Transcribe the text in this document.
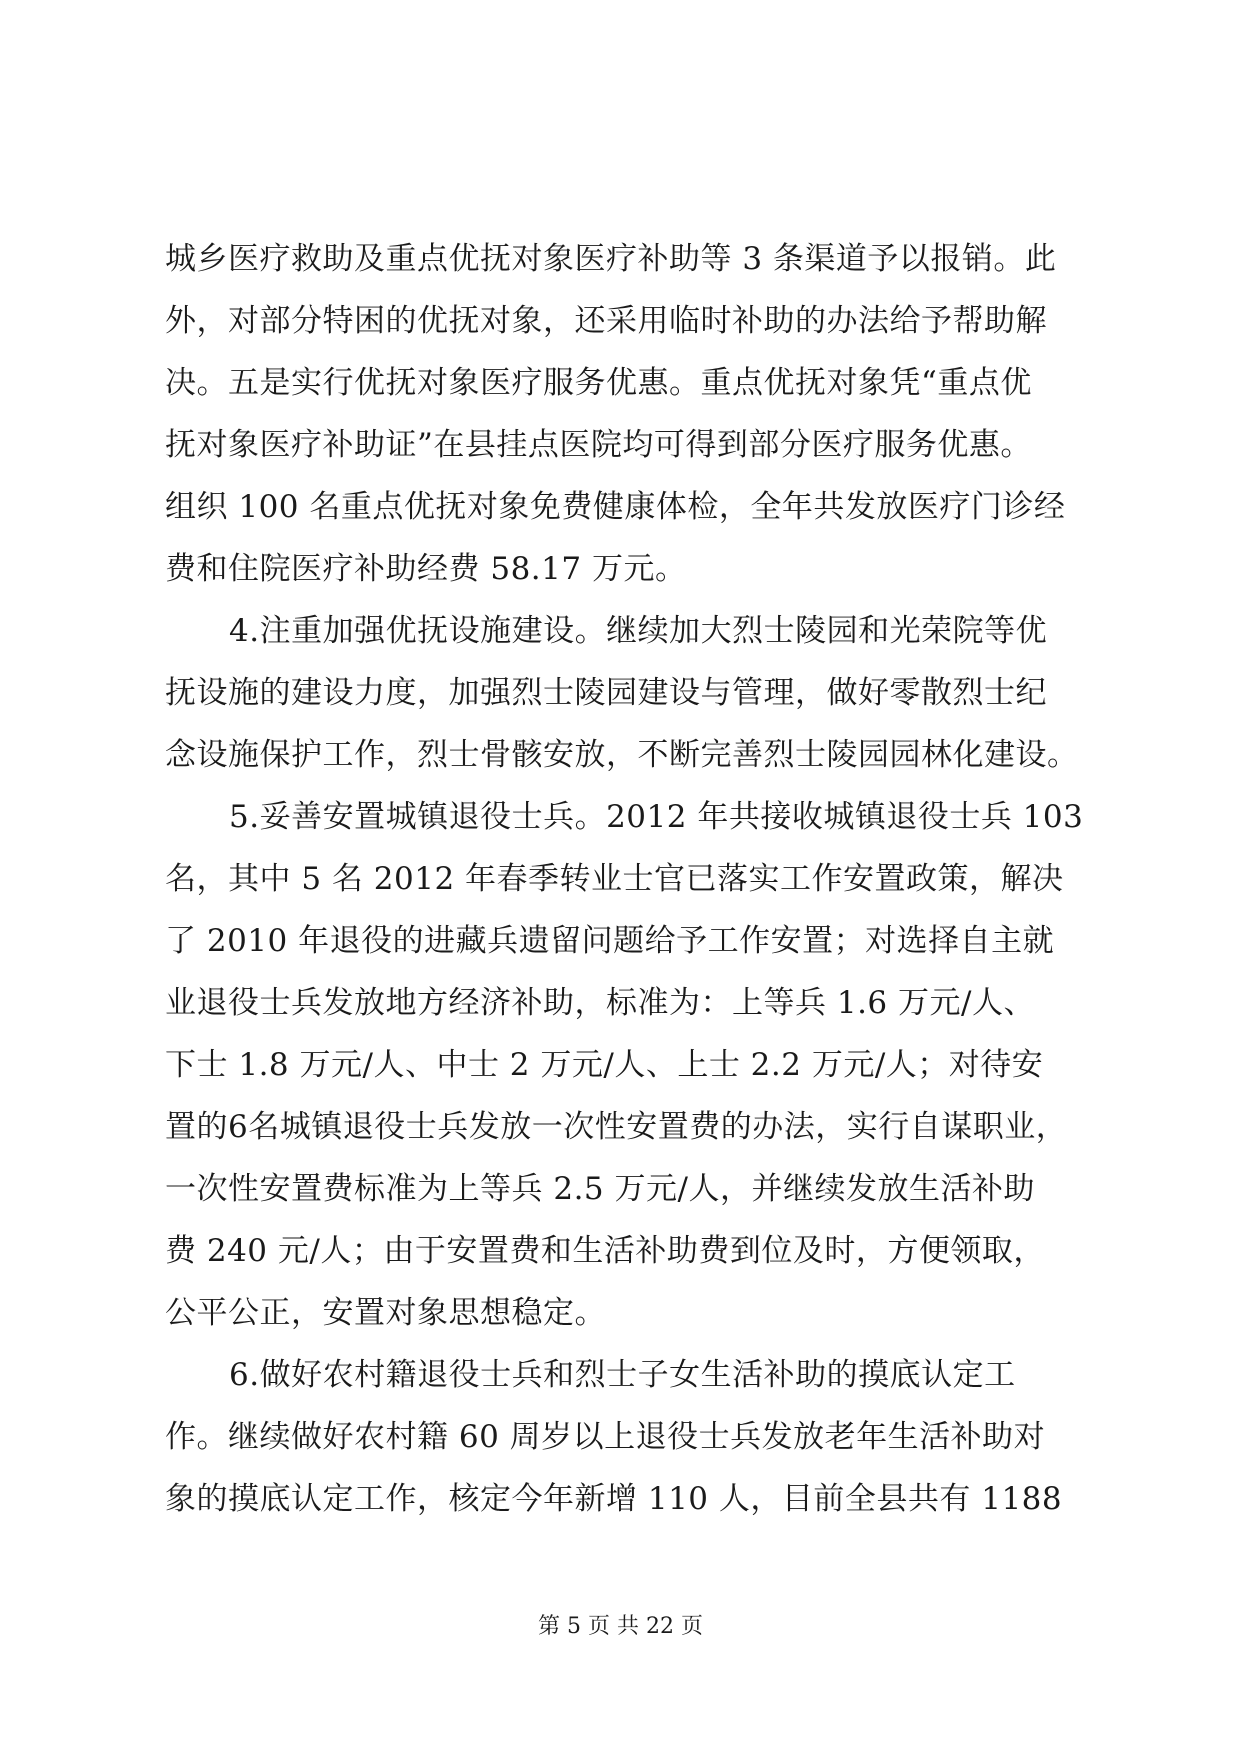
城乡医疗救助及重点优抚对象医疗补助等 3 条渠道予以报销。此
外，对部分特困的优抚对象，还采用临时补助的办法给予帮助解
决。五是实行优抚对象医疗服务优惠。重点优抚对象凭“重点优
抚对象医疗补助证”在县挂点医院均可得到部分医疗服务优惠。
组织 100 名重点优抚对象免费健康体检，全年共发放医疗门诊经
费和住院医疗补助经费 58.17 万元。
4.注重加强优抚设施建设。继续加大烈士陵园和光荣院等优
抚设施的建设力度，加强烈士陵园建设与管理，做好零散烈士纪
念设施保护工作，烈士骨骸安放，不断完善烈士陵园园林化建设。
5.妥善安置城镇退役士兵。2012 年共接收城镇退役士兵 103
名，其中 5 名 2012 年春季转业士官已落实工作安置政策，解决
了 2010 年退役的进藏兵遗留问题给予工作安置；对选择自主就
业退役士兵发放地方经济补助，标准为：上等兵 1.6 万元/人、
下士 1.8 万元/人、中士 2 万元/人、上士 2.2 万元/人；对待安
置的6名城镇退役士兵发放一次性安置费的办法，实行自谋职业，
一次性安置费标准为上等兵 2.5 万元/人，并继续发放生活补助
费 240 元/人；由于安置费和生活补助费到位及时，方便领取，
公平公正，安置对象思想稳定。
6.做好农村籍退役士兵和烈士子女生活补助的摸底认定工
作。继续做好农村籍 60 周岁以上退役士兵发放老年生活补助对
象的摸底认定工作，核定今年新增 110 人，目前全县共有 1188
第 5 页 共 22 页
